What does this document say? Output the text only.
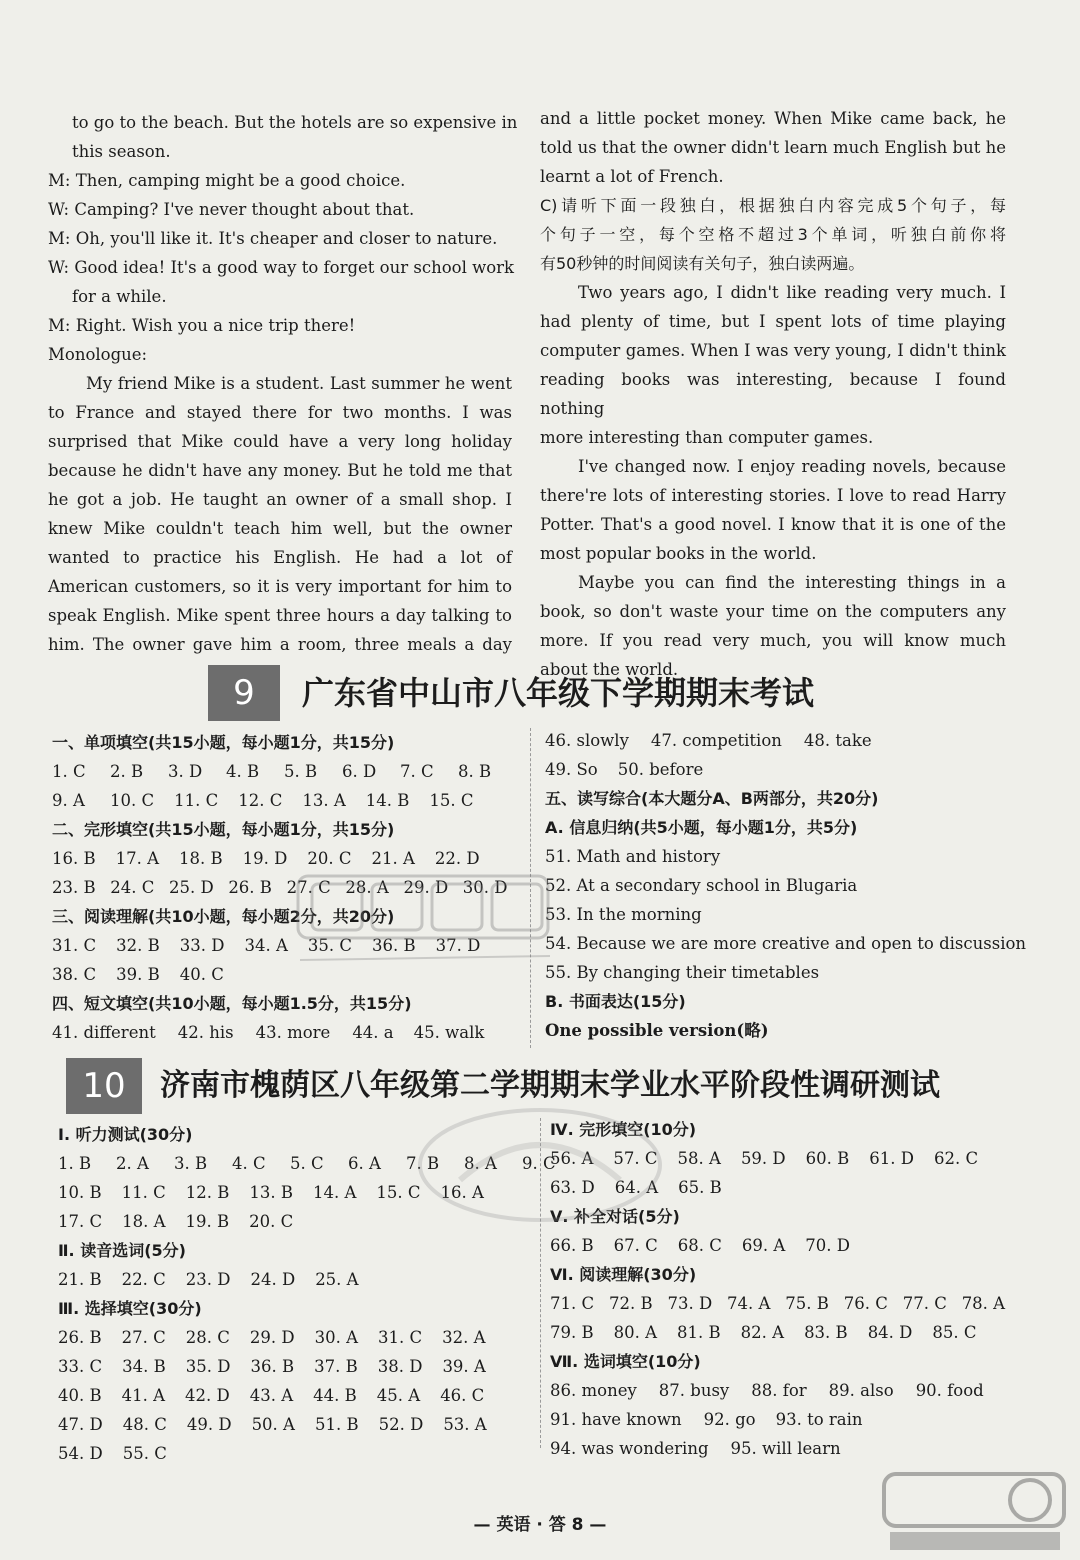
to go to the beach. But the hotels are so expensive in
this season.
M: Then, camping might be a good choice.
W: Camping? I've never thought about that.
M: Oh, you'll like it. It's cheaper and closer to nature.
W: Good idea! It's a good way to forget our school work
for a while.
M: Right. Wish you a nice trip there!
Monologue:
My friend Mike is a student. Last summer he went
to France and stayed there for two months. I was
surprised that Mike could have a very long holiday
because he didn't have any money. But he told me that
he got a job. He taught an owner of a small shop. I
knew Mike couldn't teach him well, but the owner
wanted to practice his English. He had a lot of
American customers, so it is very important for him to
speak English. Mike spent three hours a day talking to
him. The owner gave him a room, three meals a day
and a little pocket money. When Mike came back, he
told us that the owner didn't learn much English but he
learnt a lot of French.
C)请听下面一段独白，根据独白内容完成5个句子，每
个句子一空，每个空格不超过3个单词，听独白前你将
有50秒钟的时间阅读有关句子，独白读两遍。
Two years ago, I didn't like reading very much. I
had plenty of time, but I spent lots of time playing
computer games. When I was very young, I didn't think
reading books was interesting, because I found nothing
more interesting than computer games.
I've changed now. I enjoy reading novels, because
there're lots of interesting stories. I love to read Harry
Potter. That's a good novel. I know that it is one of the
most popular books in the world.
Maybe you can find the interesting things in a
book, so don't waste your time on the computers any
more. If you read very much, you will know much
about the world.
9	广东省中山市八年级下学期期末考试
一、单项填空(共15小题，每小题1分，共15分)
1. C 2. B 3. D 4. B 5. B 6. D 7. C 8. B
9. A	10. C 11. C 12. C 13. A 14. B 15. C
二、完形填空(共15小题，每小题1分，共15分)
16. B 17. A 18. B 19. D 20. C 21. A 22. D
23. B 24. C 25. D 26. B 27. C 28. A 29. D 30. D
三、阅读理解(共10小题，每小题2分，共20分)
31. C 32. B 33. D 34. A 35. C 36. B 37. D
38. C 39. B 40. C
四、短文填空(共10小题，每小题1.5分，共15分)
41. different 42. his 43. more 44. a 45. walk
46. slowly 47. competition 48. take
49. So 50. before
五、读写综合(本大题分A、B两部分，共20分)
A. 信息归纳(共5小题，每小题1分，共5分)
51. Math and history
52. At a secondary school in Blugaria
53. In the morning
54. Because we are more creative and open to discussion
55. By changing their timetables
B. 书面表达(15分)
One possible version(略)
10	济南市槐荫区八年级第二学期期末学业水平阶段性调研测试
Ⅰ. 听力测试(30分)
1. B 2. A	3. B 4. C 5. C 6. A	7. B 8. A	9. C
10. B 11. C 12. B 13. B 14. A 15. C 16. A
17. C 18. A 19. B 20. C
Ⅱ. 读音选词(5分)
21. B 22. C 23. D 24. D 25. A
Ⅲ. 选择填空(30分)
26. B 27. C 28. C 29. D 30. A 31. C 32. A
33. C 34. B 35. D 36. B 37. B 38. D 39. A
40. B 41. A 42. D 43. A 44. B 45. A 46. C
47. D 48. C 49. D 50. A 51. B 52. D 53. A
54. D 55. C
Ⅳ. 完形填空(10分)
56. A 57. C 58. A 59. D 60. B 61. D 62. C
63. D 64. A 65. B
Ⅴ. 补全对话(5分)
66. B 67. C 68. C 69. A 70. D
Ⅵ. 阅读理解(30分)
71. C 72. B 73. D 74. A 75. B 76. C 77. C 78. A
79. B 80. A 81. B 82. A 83. B 84. D 85. C
Ⅶ. 选词填空(10分)
86. money 87. busy 88. for 89. also 90. food
91. have known 92. go 93. to rain
94. was wondering 95. will learn
— 英语 · 答 8 —
